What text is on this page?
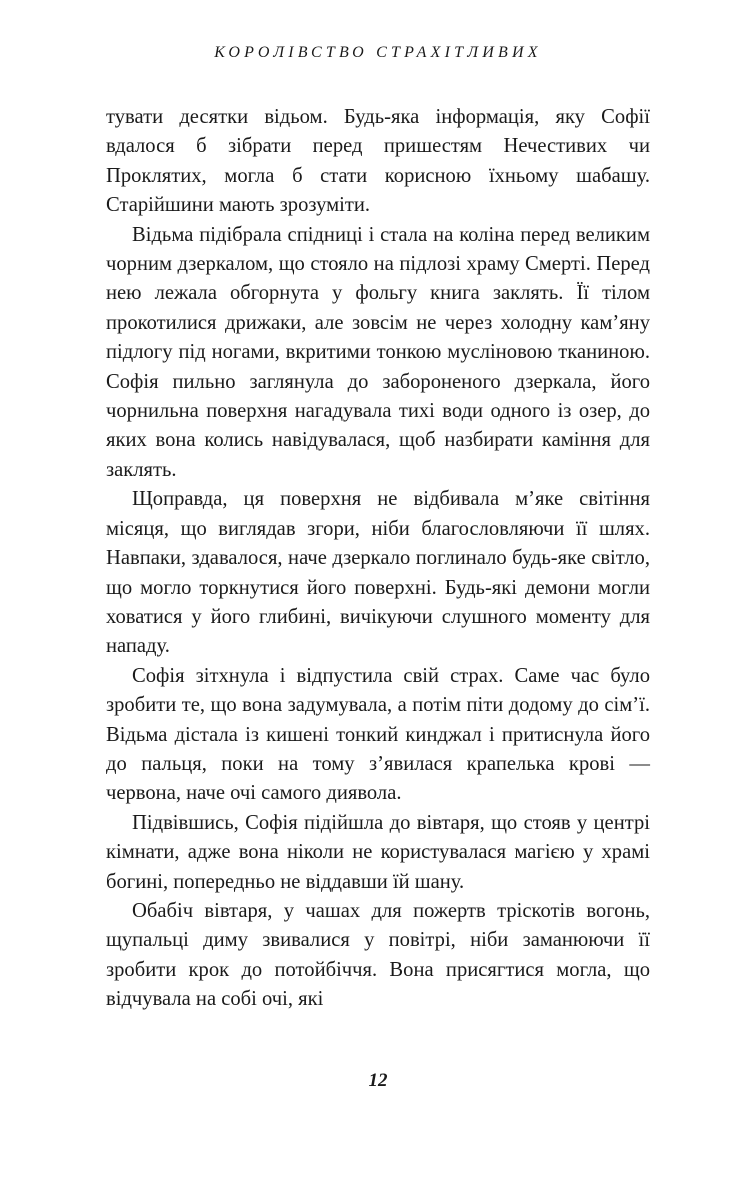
КОРОЛІВСТВО СТРАХІТЛИВИХ

тувати десятки відьом. Будь-яка інформація, яку Софії вдалося б зібрати перед пришестям Нечестивих чи Проклятих, могла б стати корисною їхньому шабашу. Старійшини мають зрозуміти.

Відьма підібрала спідниці і стала на коліна перед великим чорним дзеркалом, що стояло на підлозі храму Смерті. Перед нею лежала обгорнута у фольгу книга заклять. Її тілом прокотилися дрижаки, але зовсім не через холодну кам’яну підлогу під ногами, вкритими тонкою мусліновою тканиною. Софія пильно заглянула до забороненого дзеркала, його чорнильна поверхня нагадувала тихі води одного із озер, до яких вона колись навідувалася, щоб назбирати каміння для заклять.

Щоправда, ця поверхня не відбивала м’яке світіння місяця, що виглядав згори, ніби благословляючи її шлях. Навпаки, здавалося, наче дзеркало поглинало будь-яке світло, що могло торкнутися його поверхні. Будь-які демони могли ховатися у його глибині, вичікуючи слушного моменту для нападу.

Софія зітхнула і відпустила свій страх. Саме час було зробити те, що вона задумувала, а потім піти додому до сім’ї. Відьма дістала із кишені тонкий кинджал і притиснула його до пальця, поки на тому з’явилася крапелька крові — червона, наче очі самого диявола.

Підвівшись, Софія підійшла до вівтаря, що стояв у центрі кімнати, адже вона ніколи не користувалася магією у храмі богині, попередньо не віддавши їй шану.

Обабіч вівтаря, у чашах для пожертв тріскотів вогонь, щупальці диму звивалися у повітрі, ніби заманюючи її зробити крок до потойбіччя. Вона присягтися могла, що відчувала на собі очі, які

12
